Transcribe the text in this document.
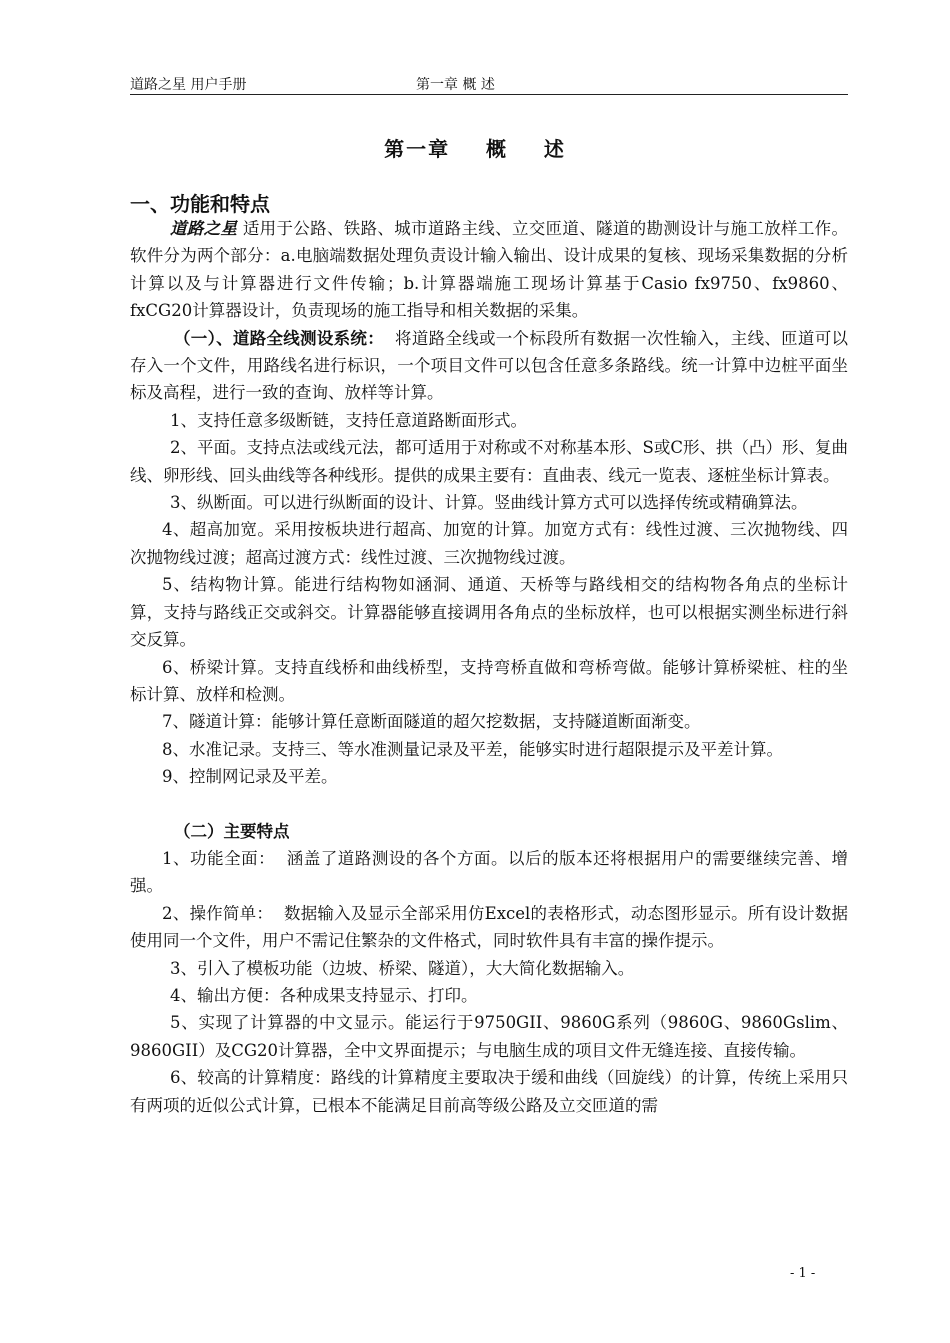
道路之星 用户手册	第一章 概 述
第一章    概    述
一、功能和特点

道路之星 适用于公路、铁路、城市道路主线、立交匝道、隧道的勘测设计与施工放样工作。软件分为两个部分：a.电脑端数据处理负责设计输入输出、设计成果的复核、现场采集数据的分析计算以及与计算器进行文件传输；b.计算器端施工现场计算基于Casio fx9750、fx9860、fxCG20计算器设计，负责现场的施工指导和相关数据的采集。

（一）、道路全线测设系统：  将道路全线或一个标段所有数据一次性输入，主线、匝道可以存入一个文件，用路线名进行标识，一个项目文件可以包含任意多条路线。统一计算中边桩平面坐标及高程，进行一致的查询、放样等计算。

1、支持任意多级断链，支持任意道路断面形式。

2、平面。支持点法或线元法，都可适用于对称或不对称基本形、S或C形、拱（凸）形、复曲线、卵形线、回头曲线等各种线形。提供的成果主要有：直曲表、线元一览表、逐桩坐标计算表。

3、纵断面。可以进行纵断面的设计、计算。竖曲线计算方式可以选择传统或精确算法。

4、超高加宽。采用按板块进行超高、加宽的计算。加宽方式有：线性过渡、三次抛物线、四次抛物线过渡；超高过渡方式：线性过渡、三次抛物线过渡。

5、结构物计算。能进行结构物如涵洞、通道、天桥等与路线相交的结构物各角点的坐标计算，支持与路线正交或斜交。计算器能够直接调用各角点的坐标放样，也可以根据实测坐标进行斜交反算。

6、桥梁计算。支持直线桥和曲线桥型，支持弯桥直做和弯桥弯做。能够计算桥梁桩、柱的坐标计算、放样和检测。

7、隧道计算：能够计算任意断面隧道的超欠挖数据，支持隧道断面渐变。

8、水准记录。支持三、等水准测量记录及平差，能够实时进行超限提示及平差计算。

9、控制网记录及平差。

（二）主要特点

1、功能全面：  涵盖了道路测设的各个方面。以后的版本还将根据用户的需要继续完善、增强。

2、操作简单：  数据输入及显示全部采用仿Excel的表格形式，动态图形显示。所有设计数据使用同一个文件，用户不需记住繁杂的文件格式，同时软件具有丰富的操作提示。

3、引入了模板功能（边坡、桥梁、隧道），大大简化数据输入。

4、输出方便：各种成果支持显示、打印。

5、实现了计算器的中文显示。能运行于9750GII、9860G系列（9860G、9860Gslim、9860GII）及CG20计算器，全中文界面提示；与电脑生成的项目文件无缝连接、直接传输。

6、较高的计算精度：路线的计算精度主要取决于缓和曲线（回旋线）的计算，传统上采用只有两项的近似公式计算，已根本不能满足目前高等级公路及立交匝道的需

- 1 -
